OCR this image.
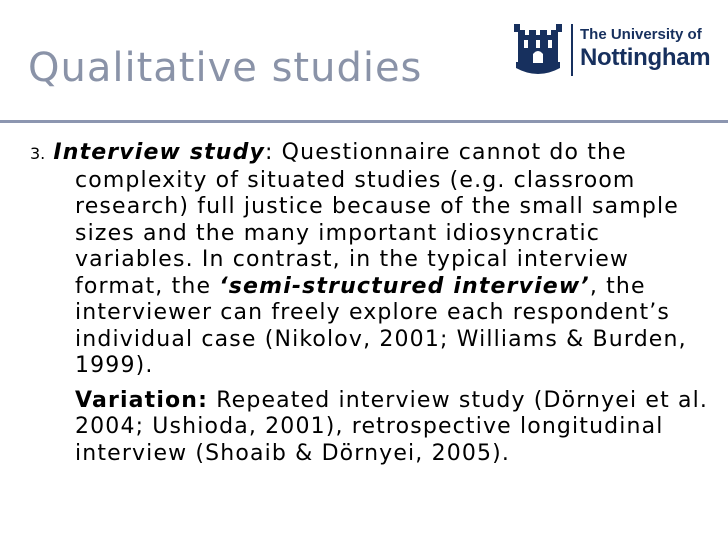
Qualitative studies
The University of
Nottingham

3. Interview study: Questionnaire cannot do the complexity of situated studies (e.g. classroom research) full justice because of the small sample sizes and the many important idiosyncratic variables. In contrast, in the typical interview format, the ‘semi-structured interview’, the interviewer can freely explore each respondent’s individual case (Nikolov, 2001; Williams & Burden, 1999).

Variation: Repeated interview study (Dörnyei et al. 2004; Ushioda, 2001), retrospective longitudinal interview (Shoaib & Dörnyei, 2005).
